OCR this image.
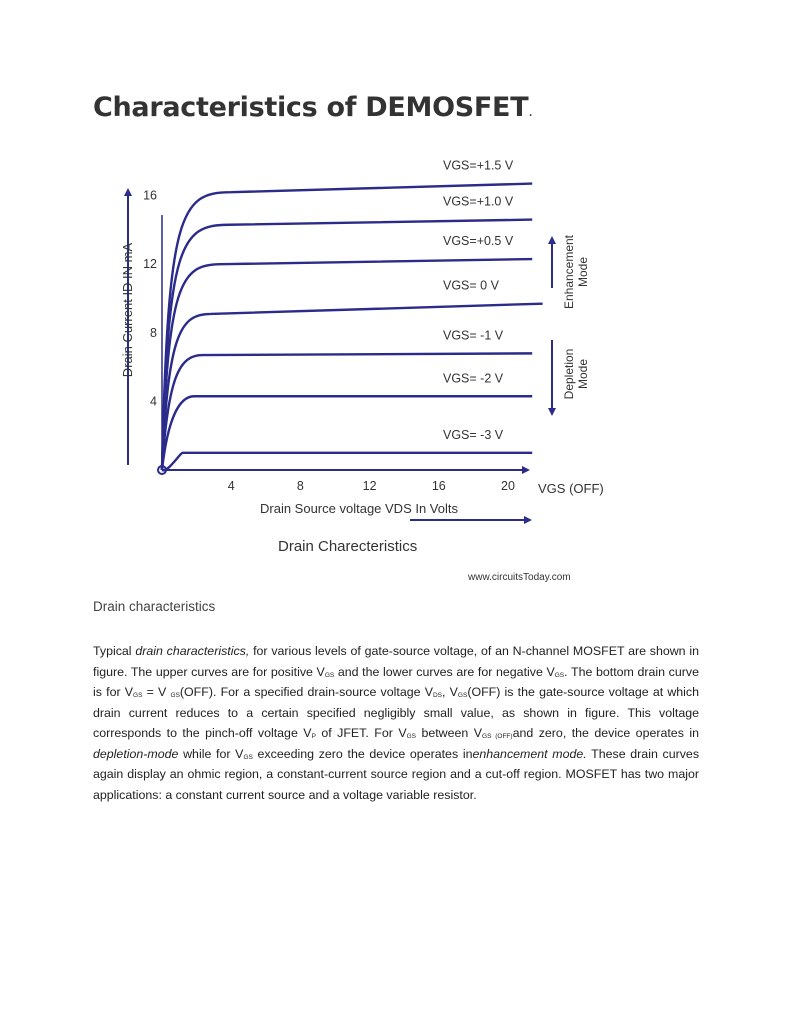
Characteristics of DEMOSFET.
VGS=+1.5 V
VGS=+1.0 V
VGS=+0.5 V
VGS= 0 V
VGS= -1 V
VGS= -2 V
VGS= -3 V
4	8	12	16	20
4
8
12
16
Drain Source voltage VDS In Volts
Drain Current ID IN mA
VGS (OFF)
Drain Charecteristics
www.circuitsToday.com
Enhancement Mode
Depletion Mode
Drain characteristics
Typical drain characteristics, for various levels of gate-source voltage, of an N-channel MOSFET are shown in figure. The upper curves are for positive $V_{GS}$ and the lower curves are for negative $V_{GS}$. The bottom drain curve is for $V_{GS} = V$ $_{GS}$(OFF). For a specified drain-source voltage $V_{DS}$, $V_{GS}(OFF)$ is the gate-source voltage at which drain current reduces to a certain specified negligibly small value, as shown in figure. This voltage corresponds to the pinch-off voltage $V_P$ of JFET. For $V_{GS}$ between $V_{GS (OFF)}and$ zero, the device operates in depletion-mode while for $V_{GS}$ exceeding zero the device operates inenhancement mode. These drain curves again display an ohmic region, a constant-current source region and a cut-off region. MOSFET has two major applications: a constant current source and a voltage variable resistor.
